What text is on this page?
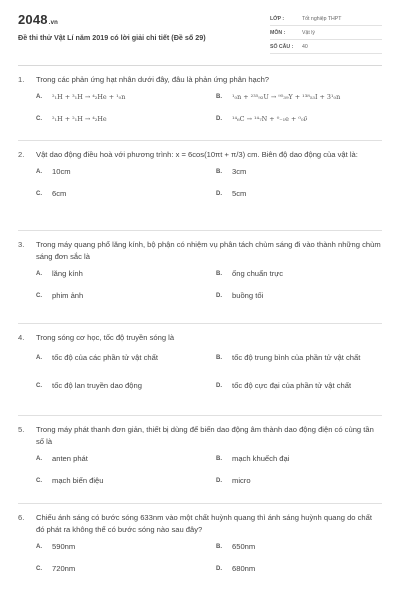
2048.vn
Đề thi thử Vật Lí năm 2019 có lời giải chi tiết (Đề số 29)
LỚP :	Tốt nghiệp THPT
MÔN :	Vật lý
SỐ CÂU :	40
1.	Trong các phản ứng hạt nhân dưới đây, đâu là phản ứng phân hạch?
A.	²₁H + ³₁H → ⁴₂He + ¹₀n	B.	¹₀n + ²³⁵₉₂U → ⁹⁵₃₉Y + ¹³⁸₅₃I + 3¹₀n
C.	²₁H + ²₁H → ⁴₂He	D.	¹⁴₆C → ¹⁴₇N + ⁰₋₁e + ⁰₀ν̄
2.	Vật dao động điều hoà với phương trình: x = 6cos(10πt + π/3) cm. Biên độ dao động của vật là:
A.	10cm	B.	3cm
C.	6cm	D.	5cm
3.	Trong máy quang phổ lăng kính, bộ phận có nhiệm vụ phân tách chùm sáng đi vào thành những chùm sáng đơn sắc là
A.	lăng kính	B.	ống chuẩn trực
C.	phim ảnh	D.	buồng tối
4.	Trong sóng cơ học, tốc độ truyền sóng là
A.	tốc độ của các phần tử vật chất	B.	tốc độ trung bình của phần tử vật chất
C.	tốc độ lan truyền dao động	D.	tốc độ cực đại của phần tử vật chất
5.	Trong máy phát thanh đơn giản, thiết bị dùng để biến dao động âm thành dao động điện có cùng tần số là
A.	anten phát	B.	mạch khuếch đại
C.	mạch biến điệu	D.	micro
6.	Chiếu ánh sáng có bước sóng 633nm vào một chất huỳnh quang thì ánh sáng huỳnh quang do chất đó phát ra không thể có bước sóng nào sau đây?
A.	590nm	B.	650nm
C.	720nm	D.	680nm
